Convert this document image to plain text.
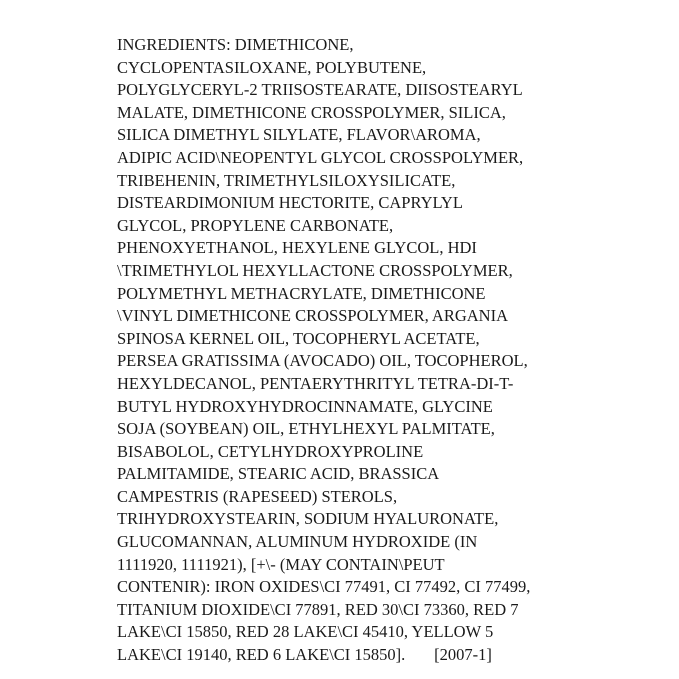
INGREDIENTS: DIMETHICONE,
CYCLOPENTASILOXANE, POLYBUTENE,
POLYGLYCERYL-2 TRIISOSTEARATE, DIISOSTEARYL
MALATE, DIMETHICONE CROSSPOLYMER, SILICA,
SILICA DIMETHYL SILYLATE, FLAVOR\AROMA,
ADIPIC ACID\NEOPENTYL GLYCOL CROSSPOLYMER,
TRIBEHENIN, TRIMETHYLSILOXYSILICATE,
DISTEARDIMONIUM HECTORITE, CAPRYLYL
GLYCOL, PROPYLENE CARBONATE,
PHENOXYETHANOL, HEXYLENE GLYCOL, HDI
\TRIMETHYLOL HEXYLLACTONE CROSSPOLYMER,
POLYMETHYL METHACRYLATE, DIMETHICONE
\VINYL DIMETHICONE CROSSPOLYMER, ARGANIA
SPINOSA KERNEL OIL, TOCOPHERYL ACETATE,
PERSEA GRATISSIMA (AVOCADO) OIL, TOCOPHEROL,
HEXYLDECANOL, PENTAERYTHRITYL TETRA-DI-T-
BUTYL HYDROXYHYDROCINNAMATE, GLYCINE
SOJA (SOYBEAN) OIL, ETHYLHEXYL PALMITATE,
BISABOLOL, CETYLHYDROXYPROLINE
PALMITAMIDE, STEARIC ACID, BRASSICA
CAMPESTRIS (RAPESEED) STEROLS,
TRIHYDROXYSTEARIN, SODIUM HYALURONATE,
GLUCOMANNAN, ALUMINUM HYDROXIDE (IN
1111920, 1111921), [+\- (MAY CONTAIN\PEUT
CONTENIR): IRON OXIDES\CI 77491, CI 77492, CI 77499,
TITANIUM DIOXIDE\CI 77891, RED 30\CI 73360, RED 7
LAKE\CI 15850, RED 28 LAKE\CI 45410, YELLOW 5
LAKE\CI 19140, RED 6 LAKE\CI 15850].       [2007-1]
